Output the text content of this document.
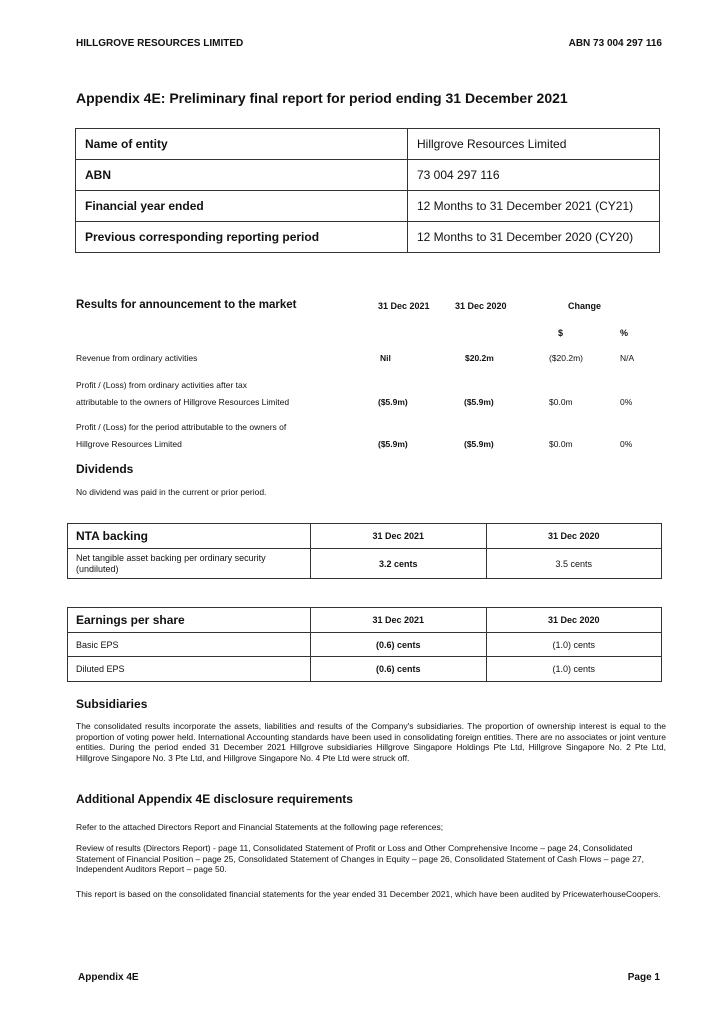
HILLGROVE RESOURCES LIMITED	ABN 73 004 297 116
Appendix 4E: Preliminary final report for period ending 31 December 2021
Name of entity	Hillgrove Resources Limited
ABN	73 004 297 116
Financial year ended	12 Months to 31 December 2021 (CY21)
Previous corresponding reporting period	12 Months to 31 December 2020 (CY20)
Results for announcement to the market	31 Dec 2021	31 Dec 2020	Change
$	%
Revenue from ordinary activities	Nil	$20.2m	($20.2m)	N/A
Profit / (Loss) from ordinary activities after tax
attributable to the owners of Hillgrove Resources Limited	($5.9m)	($5.9m)	$0.0m	0%
Profit / (Loss) for the period attributable to the owners of
Hillgrove Resources Limited	($5.9m)	($5.9m)	$0.0m	0%
Dividends
No dividend was paid in the current or prior period.
NTA backing	31 Dec 2021	31 Dec 2020
Net tangible asset backing per ordinary security (undiluted)	3.2 cents	3.5 cents
Earnings per share	31 Dec 2021	31 Dec 2020
Basic EPS	(0.6) cents	(1.0) cents
Diluted EPS	(0.6) cents	(1.0) cents
Subsidiaries
The consolidated results incorporate the assets, liabilities and results of the Company's subsidiaries. The proportion of ownership interest is equal to the proportion of voting power held. International Accounting standards have been used in consolidating foreign entities. There are no associates or joint venture entities. During the period ended 31 December 2021 Hillgrove subsidiaries Hillgrove Singapore Holdings Pte Ltd, Hillgrove Singapore No. 2 Pte Ltd, Hillgrove Singapore No. 3 Pte Ltd, and Hillgrove Singapore No. 4 Pte Ltd were struck off.
Additional Appendix 4E disclosure requirements
Refer to the attached Directors Report and Financial Statements at the following page references;
Review of results (Directors Report) - page 11, Consolidated Statement of Profit or Loss and Other Comprehensive Income – page 24, Consolidated Statement of Financial Position – page 25, Consolidated Statement of Changes in Equity – page 26, Consolidated Statement of Cash Flows – page 27, Independent Auditors Report – page 50.
This report is based on the consolidated financial statements for the year ended 31 December 2021, which have been audited by PricewaterhouseCoopers.
Appendix 4E	Page 1
